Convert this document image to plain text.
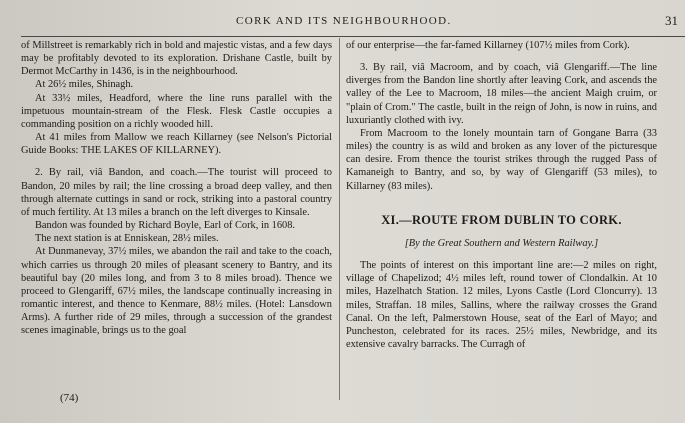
CORK AND ITS NEIGHBOURHOOD.	31

of Millstreet is remarkably rich in bold and majestic vistas, and a few days may be profitably devoted to its exploration. Drishane Castle, built by Dermot McCarthy in 1436, is in the neighbourhood.

At 26½ miles, Shinagh.

At 33½ miles, Headford, where the line runs parallel with the impetuous mountain-stream of the Flesk. Flesk Castle occupies a commanding position on a richly wooded hill.

At 41 miles from Mallow we reach Killarney (see Nelson's Pictorial Guide Books: THE LAKES OF KILLARNEY).

2. By rail, viâ Bandon, and coach.—The tourist will proceed to Bandon, 20 miles by rail; the line crossing a broad deep valley, and then through alternate cuttings in sand or rock, striking into a pastoral country of much fertility. At 13 miles a branch on the left diverges to Kinsale.

Bandon was founded by Richard Boyle, Earl of Cork, in 1608.

The next station is at Enniskean, 28½ miles.

At Dunmanevay, 37½ miles, we abandon the rail and take to the coach, which carries us through 20 miles of pleasant scenery to Bantry, and its beautiful bay (20 miles long, and from 3 to 8 miles broad). Thence we proceed to Glengariff, 67½ miles, the landscape continually increasing in romantic interest, and thence to Kenmare, 88½ miles. (Hotel: Lansdown Arms). A further ride of 29 miles, through a succession of the grandest scenes imaginable, brings us to the goal

of our enterprise—the far-famed Killarney (107½ miles from Cork).

3. By rail, viâ Macroom, and by coach, viâ Glengariff.—The line diverges from the Bandon line shortly after leaving Cork, and ascends the valley of the Lee to Macroom, 18 miles—the ancient Maigh cruim, or "plain of Crom." The castle, built in the reign of John, is now in ruins, and luxuriantly clothed with ivy.

From Macroom to the lonely mountain tarn of Gongane Barra (33 miles) the country is as wild and broken as any lover of the picturesque can desire. From thence the tourist strikes through the rugged Pass of Kamaneigh to Bantry, and so, by way of Glengariff (53 miles), to Killarney (83 miles).

XI.—ROUTE FROM DUBLIN TO CORK.

[By the Great Southern and Western Railway.]

The points of interest on this important line are:—2 miles on right, village of Chapelizod; 4½ miles left, round tower of Clondalkin. At 10 miles, Hazelhatch Station. 12 miles, Lyons Castle (Lord Cloncurry). 13 miles, Straffan. 18 miles, Sallins, where the railway crosses the Grand Canal. On the left, Palmerstown House, seat of the Earl of Mayo; and Puncheston, celebrated for its races. 25½ miles, Newbridge, and its extensive cavalry barracks. The Curragh of

(74)
